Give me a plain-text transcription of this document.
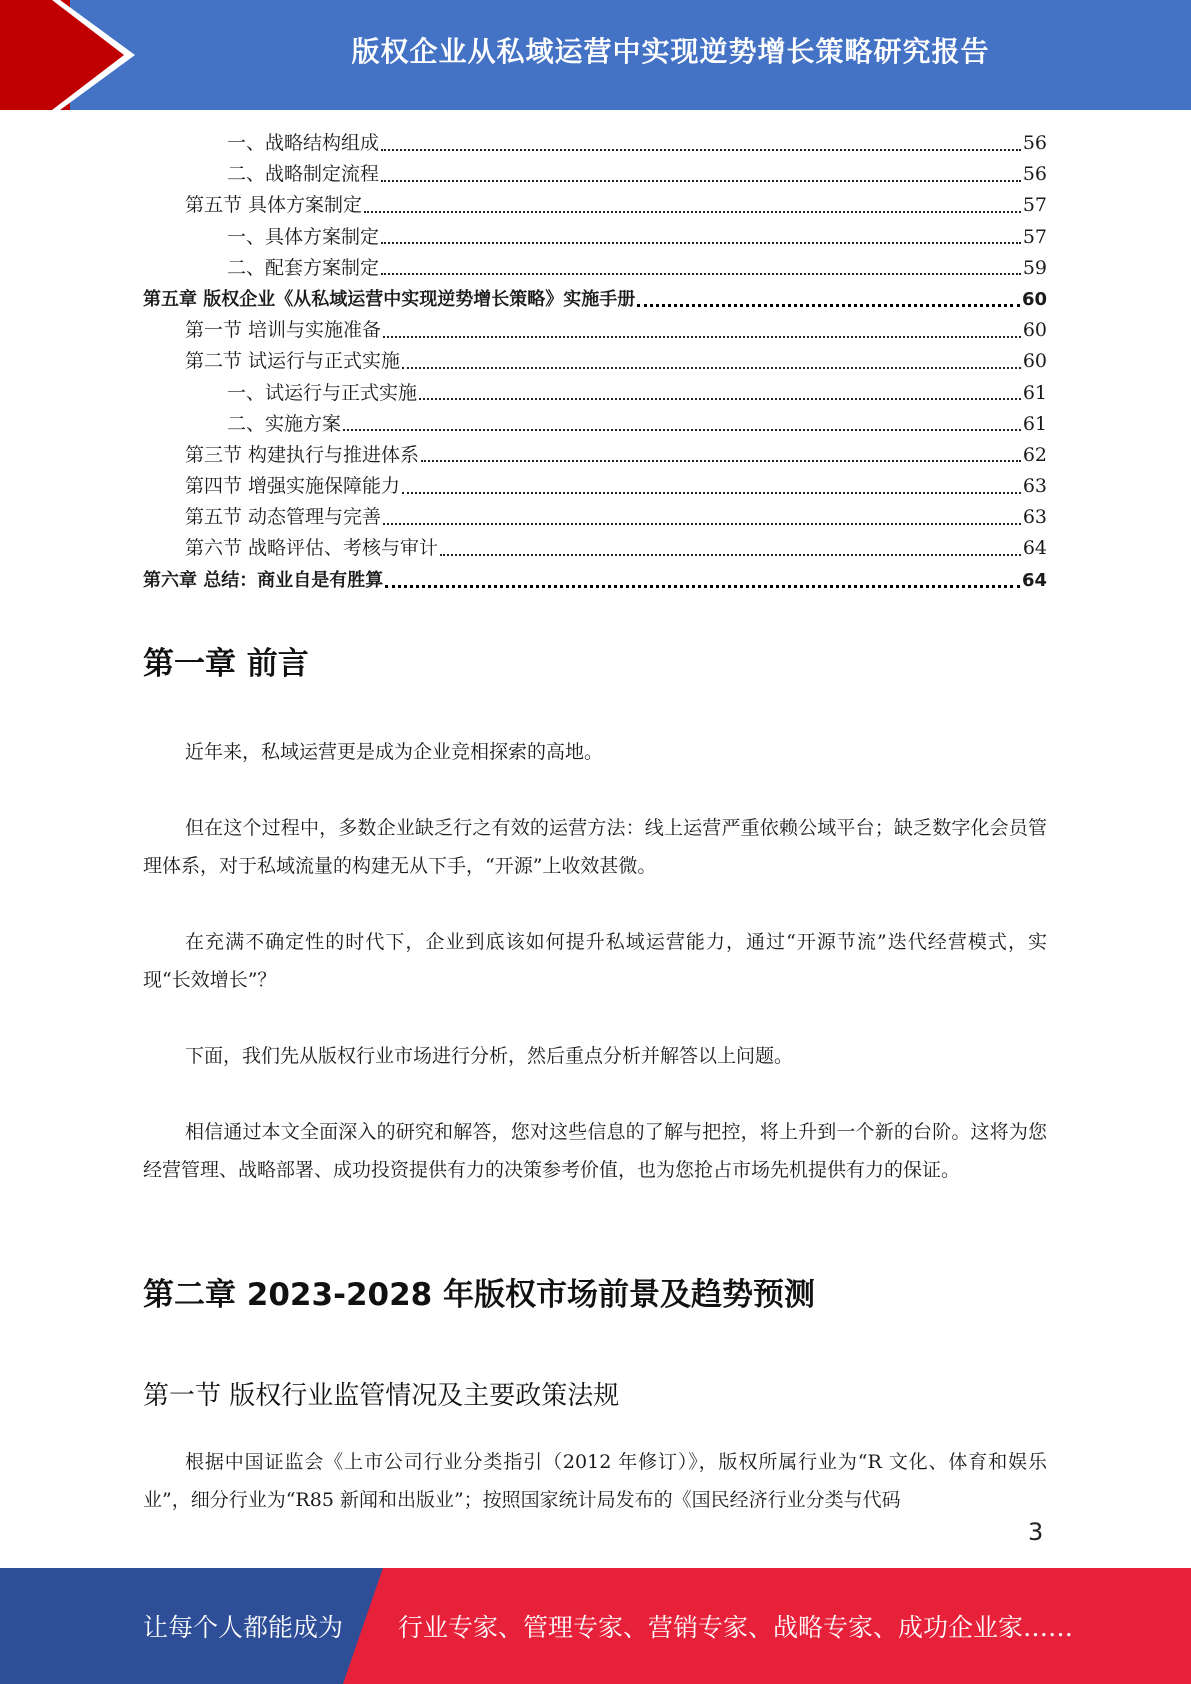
版权企业从私域运营中实现逆势增长策略研究报告
一、战略结构组成	56
二、战略制定流程	56
第五节 具体方案制定	57
一、具体方案制定	57
二、配套方案制定	59
第五章 版权企业《从私域运营中实现逆势增长策略》实施手册	60
第一节 培训与实施准备	60
第二节 试运行与正式实施	60
一、试运行与正式实施	61
二、实施方案	61
第三节 构建执行与推进体系	62
第四节 增强实施保障能力	63
第五节 动态管理与完善	63
第六节 战略评估、考核与审计	64
第六章 总结：商业自是有胜算	64
第一章 前言

近年来，私域运营更是成为企业竞相探索的高地。

但在这个过程中，多数企业缺乏行之有效的运营方法：线上运营严重依赖公域平台；缺乏数字化会员管理体系，对于私域流量的构建无从下手，“开源”上收效甚微。

在充满不确定性的时代下，企业到底该如何提升私域运营能力，通过“开源节流”迭代经营模式，实现“长效增长”？

下面，我们先从版权行业市场进行分析，然后重点分析并解答以上问题。

相信通过本文全面深入的研究和解答，您对这些信息的了解与把控，将上升到一个新的台阶。这将为您经营管理、战略部署、成功投资提供有力的决策参考价值，也为您抢占市场先机提供有力的保证。

第二章 2023-2028 年版权市场前景及趋势预测
第一节 版权行业监管情况及主要政策法规

根据中国证监会《上市公司行业分类指引（2012 年修订）》，版权所属行业为“R 文化、体育和娱乐业”，细分行业为“R85 新闻和出版业”；按照国家统计局发布的《国民经济行业分类与代码

3
让每个人都能成为 行业专家、管理专家、营销专家、战略专家、成功企业家……
